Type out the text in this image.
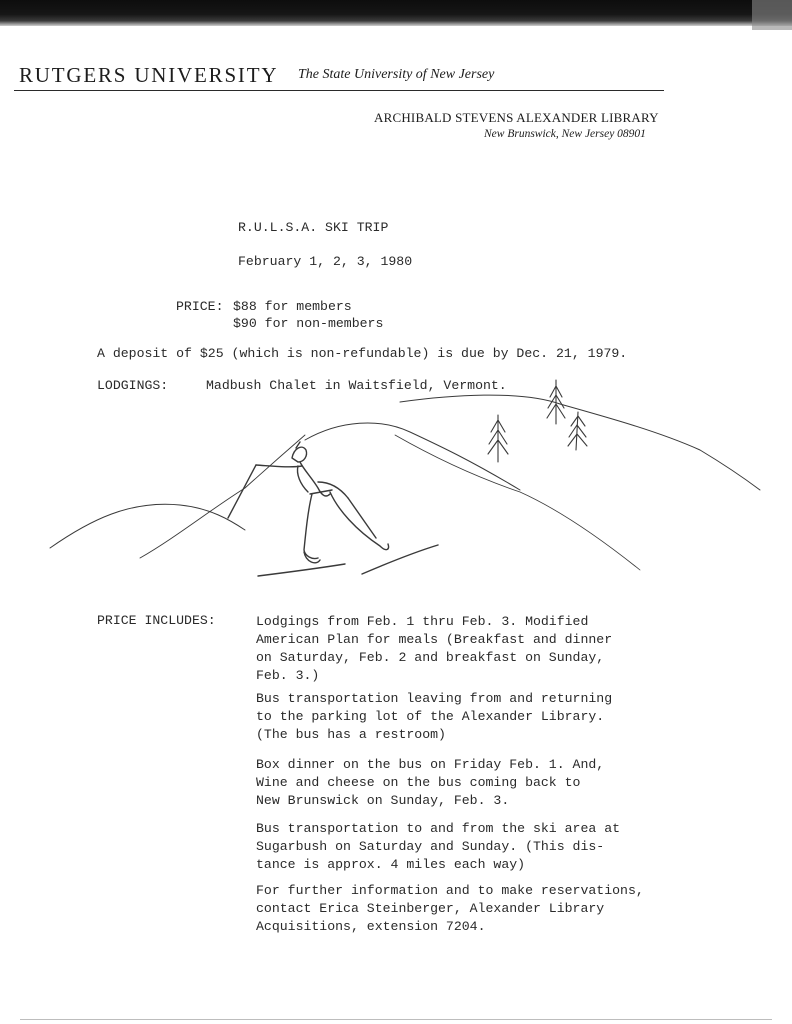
RUTGERS UNIVERSITY The State University of New Jersey
ARCHIBALD STEVENS ALEXANDER LIBRARY
New Brunswick, New Jersey 08901
R.U.L.S.A. SKI TRIP
February 1, 2, 3, 1980
PRICE: $88 for members
$90 for non-members
A deposit of $25 (which is non-refundable) is due by Dec. 21, 1979.
LODGINGS:	Madbush Chalet in Waitsfield, Vermont.
PRICE INCLUDES:	Lodgings from Feb. 1 thru Feb. 3. Modified
American Plan for meals (Breakfast and dinner
on Saturday, Feb. 2 and breakfast on Sunday,
Feb. 3.)
Bus transportation leaving from and returning
to the parking lot of the Alexander Library.
(The bus has a restroom)
Box dinner on the bus on Friday Feb. 1. And,
Wine and cheese on the bus coming back to
New Brunswick on Sunday, Feb. 3.
Bus transportation to and from the ski area at
Sugarbush on Saturday and Sunday. (This dis-
tance is approx. 4 miles each way)
For further information and to make reservations,
contact Erica Steinberger, Alexander Library
Acquisitions, extension 7204.
